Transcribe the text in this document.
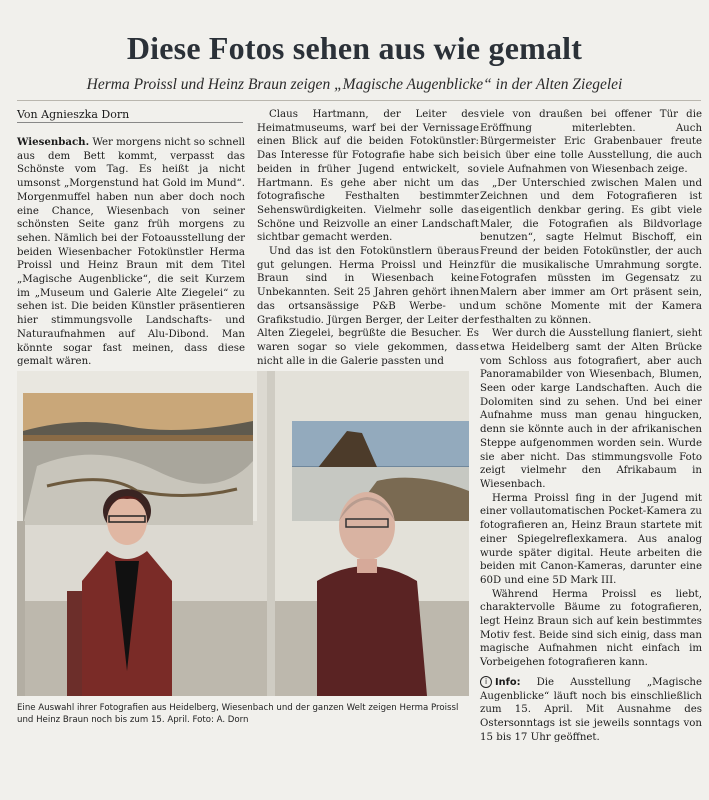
Diese Fotos sehen aus wie gemalt
Herma Proissl und Heinz Braun zeigen „Magische Augenblicke“ in der Alten Ziegelei
Von Agnieszka Dorn

Wiesenbach. Wer morgens nicht so schnell aus dem Bett kommt, verpasst das Schönste vom Tag. Es heißt ja nicht umsonst „Morgenstund hat Gold im Mund“. Morgenmuffel haben nun aber doch noch eine Chance, Wiesenbach von seiner schönsten Seite ganz früh morgens zu sehen. Nämlich bei der Fotoausstellung der beiden Wiesenbacher Fotokünstler Herma Proissl und Heinz Braun mit dem Titel „Magische Augenblicke“, die seit Kurzem im „Museum und Galerie Alte Ziegelei“ zu sehen ist. Die beiden Künstler präsentieren hier stimmungsvolle Landschafts- und Naturaufnahmen auf Alu-Dibond. Man könnte sogar fast meinen, dass diese gemalt wären.

Claus Hartmann, der Leiter des Heimatmuseums, warf bei der Vernissage einen Blick auf die beiden Fotokünstler: Das Interesse für Fotografie habe sich bei beiden in früher Jugend entwickelt, so Hartmann. Es gehe aber nicht um das fotografische Festhalten bestimmter Sehenswürdigkeiten. Vielmehr solle das Schöne und Reizvolle an einer Landschaft sichtbar gemacht werden.

Und das ist den Fotokünstlern überaus gut gelungen. Herma Proissl und Heinz Braun sind in Wiesenbach keine Unbekannten. Seit 25 Jahren gehört ihnen das ortsansässige P&B Werbe- und Grafikstudio. Jürgen Berger, der Leiter der Alten Ziegelei, begrüßte die Besucher. Es waren sogar so viele gekommen, dass nicht alle in die Galerie passten und

viele von draußen bei offener Tür die Eröffnung miterlebten. Auch Bürgermeister Eric Grabenbauer freute sich über eine tolle Ausstellung, die auch viele Aufnahmen von Wiesenbach zeige.

„Der Unterschied zwischen Malen und Zeichnen und dem Fotografieren ist eigentlich denkbar gering. Es gibt viele Maler, die Fotografien als Bildvorlage benutzen“, sagte Helmut Bischoff, ein Freund der beiden Fotokünstler, der auch für die musikalische Umrahmung sorgte. Fotografen müssten im Gegensatz zu Malern aber immer am Ort präsent sein, um schöne Momente mit der Kamera festhalten zu können.

Wer durch die Ausstellung flaniert, sieht etwa Heidelberg samt der Alten Brücke vom Schloss aus fotografiert, aber auch Panoramabilder von Wiesenbach, Blumen, Seen oder karge Landschaften. Auch die Dolomiten sind zu sehen. Und bei einer Aufnahme muss man genau hingucken, denn sie könnte auch in der afrikanischen Steppe aufgenommen worden sein. Wurde sie aber nicht. Das stimmungsvolle Foto zeigt vielmehr den Afrikabaum in Wiesenbach.

Herma Proissl fing in der Jugend mit einer vollautomatischen Pocket-Kamera zu fotografieren an, Heinz Braun startete mit einer Spiegelreflexkamera. Aus analog wurde später digital. Heute arbeiten die beiden mit Canon-Kameras, darunter eine 60D und eine 5D Mark III.

Während Herma Proissl es liebt, charaktervolle Bäume zu fotografieren, legt Heinz Braun sich auf kein bestimmtes Motiv fest. Beide sind sich einig, dass man magische Aufnahmen nicht einfach im Vorbeigehen fotografieren kann.

i Info: Die Ausstellung „Magische Augenblicke“ läuft noch bis einschließlich zum 15. April. Mit Ausnahme des Ostersonntags ist sie jeweils sonntags von 15 bis 17 Uhr geöffnet.

Eine Auswahl ihrer Fotografien aus Heidelberg, Wiesenbach und der ganzen Welt zeigen Herma Proissl und Heinz Braun noch bis zum 15. April. Foto: A. Dorn
